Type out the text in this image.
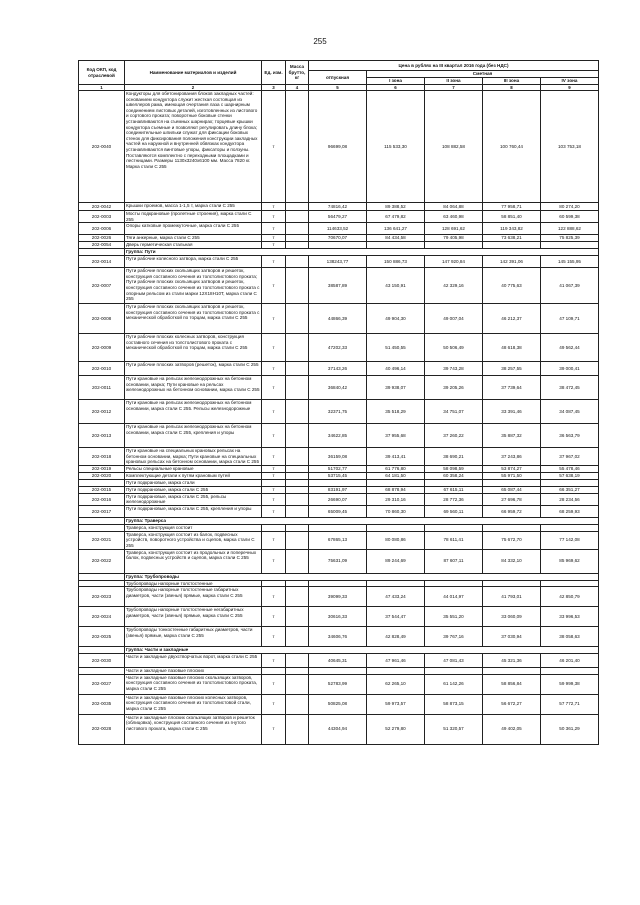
255
Код ОКП, код отраслевой	Наименование материалов и изделий	Ед. изм.	Масса брутто, кг	Цена в рублях на III квартал 2016 года (без НДС)				
				отпускная	Сметная			
					I зона	II зона	III зона	IV зона
1	2	3	4	5	6	7	8	9
202-0040	Кондукторы для обетонирования блоков закладных частей: основанием кондуктора служит жесткая состоящая из швеллеров рама, имеющая очертания лаза с шарнирным соединением листовых деталей, изготовленных из листового и сортового проката; поворотные боковые стенки устанавливаются на съемных шарнирах; торцевые крышки кондуктора съемные и позволяют регулировать длину блока; соединительные шпильки служат для фиксации боковых стенок для фиксирования положения конструкции закладных частей на наружной и внутренней обвязках кондуктора устанавливаются винтовые упоры, фиксаторы и ползуны. Поставляются комплектно с переходными площадками и лестницами. Размеры 1130x3240x6100 мм. Масса 7820 кг. Марка стали С 255	т		96699,08	115 533,30	108 882,58	100 760,44	103 753,18
202-0042	Крышки проемов, масса 1-1,5 т, марка стали С 255	т		74816,42	89 388,52	84 064,88	77 958,71	80 274,20
202-0003	Мосты подкрановые (пролетные строения), марка стали С 255	т		56479,27	67 479,82	63 460,98	58 851,40	60 599,38
202-0006	Опоры катковые промежуточные, марка стали С 255	т		114633,52	136 641,27	128 691,62	119 343,82	122 888,62
202-0026	Тяги анкерные, марка стали С 255	т		70670,07	84 434,58	79 405,98	73 638,21	75 825,39
202-0054	Дверь герметическая стальная	т						
	Группа: Пути							
202-0014	Пути рабочие колесного затвора, марка стали С 255	т		138243,77	150 886,73	147 920,84	142 391,06	145 155,95
202-0007	Пути рабочие плоских скользящих затворов и решеток, конструкция составного сечения из толстолистового проката; Пути рабочие плоских скользящих затворов и решеток, конструкция составного сечения из толстолистового проката с опорным рельсом из стали марки 12Х18Н10Т, марка стали С 255	т		38587,89	43 150,91	42 329,16	40 775,63	41 067,39
202-0008	Пути рабочие плоских скользящих затворов и решеток, конструкция составного сечения из толстолистового проката с механической обработкой по торцам, марка стали С 255	т		44866,39	49 904,30	49 007,04	46 212,37	47 109,71
202-0009	Пути рабочие плоских колесных затворов, конструкция составного сечения из толстолистового проката с механической обработкой по торцам, марка стали С 255	т		47202,33	51 450,55	50 506,49	48 618,38	49 562,44
202-0010	Пути рабочие плоских затворов (решеток), марка стали С 255	т		37143,26	40 496,14	39 743,28	38 257,55	39 000,41
202-0011	Пути крановые на рельсах железнодорожных на бетонном основании, марка; Пути крановые на рельсах железнодорожных на бетонном основании, марка стали С 255	т		36840,42	39 938,07	39 205,26	37 739,64	38 472,45
202-0012	Пути крановые на рельсах железнодорожных на бетонном основании, марка стали С 255. Рельсы железнодорожные	т		32371,75	35 518,29	34 751,07	33 391,46	34 087,45
202-0013	Пути крановые на рельсах железнодорожных на бетонном основании, марка стали С 255, крепления и упоры	т		34622,85	37 955,68	37 260,22	35 887,32	36 563,79
202-0018	Пути крановые на специальных крановых рельсах на бетонном основании, марка; Пути крановые на специальных крановых рельсах на бетонном основании, марка стали С 255	т		36159,08	39 413,41	38 690,21	37 243,86	37 967,02
202-0019	Рельсы специальные крановые	т		51702,77	61 776,80	58 098,59	53 874,27	55 478,46
202-0020	Комплектующие детали к путям крановым путей	т		53715,45	64 181,50	60 358,24	55 971,50	57 638,19
	Пути подкрановые, марка стали							
202-0015	Пути подкрановые, марка стали С 255	т		83191,97	68 878,94	67 615,11	65 087,44	66 351,27
202-0016	Пути подкрановые, марка стали С 255, рельсы железнодорожные	т		26690,07	29 310,16	28 772,36	27 696,78	28 234,56
202-0017	Пути подкрановые, марка стали С 255, крепления и упоры	т		65009,45	70 860,30	69 560,11	66 959,72	68 259,93
	Группа: Траверса							
	Траверса, конструкция состоит							
202-0021	Траверса, конструкция состоит из балок, подвесных устройств, поворотного устройства и сцепов, марка стали С 255	т		67865,13	80 080,86	78 611,41	75 672,70	77 142,08
202-0022	Траверса, конструкция состоит из продольных и поперечных балок, подвесных устройств и сцепов, марка стали С 255	т		75631,09	89 244,69	87 607,11	84 332,10	85 969,62
	Группа: Трубопроводы							
	Трубопроводы напорные толстостенные							
202-0023	Трубопроводы напорные толстостенные габаритных диаметров, части (звенья) прямые, марка стали С 255	т		39099,33	47 433,24	44 014,97	41 793,01	42 850,79
202-0024	Трубопроводы напорные толстостенные негабаритных диаметров, части (звенья) прямые, марка стали С 255	т		30616,33	37 544,47	35 551,20	33 060,09	33 996,53
202-0025	Трубопроводы тонкостенные габаритных диаметров, части (звенья) прямые, марка стали С 255	т		34606,76	42 828,49	39 767,16	37 030,94	38 058,63
	Группа: Части и закладные							
202-0030	Части и закладные двухстворчатых ворот, марка стали С 255	т		40645,31	47 961,46	47 081,43	45 321,36	46 201,40
	Части и закладные пазовые плоских							
202-0027	Части и закладные пазовые плоских скользящих затворов, конструкция составного сечения из толстолистового проката, марка стали С 255	т		52783,99	62 265,10	61 142,26	58 856,84	59 999,38
202-0035	Части и закладные пазовые плоских колесных затворов, конструкция составного сечения из толстолистовой стали, марка стали С 255	т		50825,08	59 973,57	58 873,15	56 672,27	57 772,71
202-0028	Части и закладные плоских скользящих затворов и решеток (облицовка), конструкция составного сечения из гнутого листового проката, марка стали С 255	т		44304,94	52 279,80	51 320,57	49 402,05	50 361,29
